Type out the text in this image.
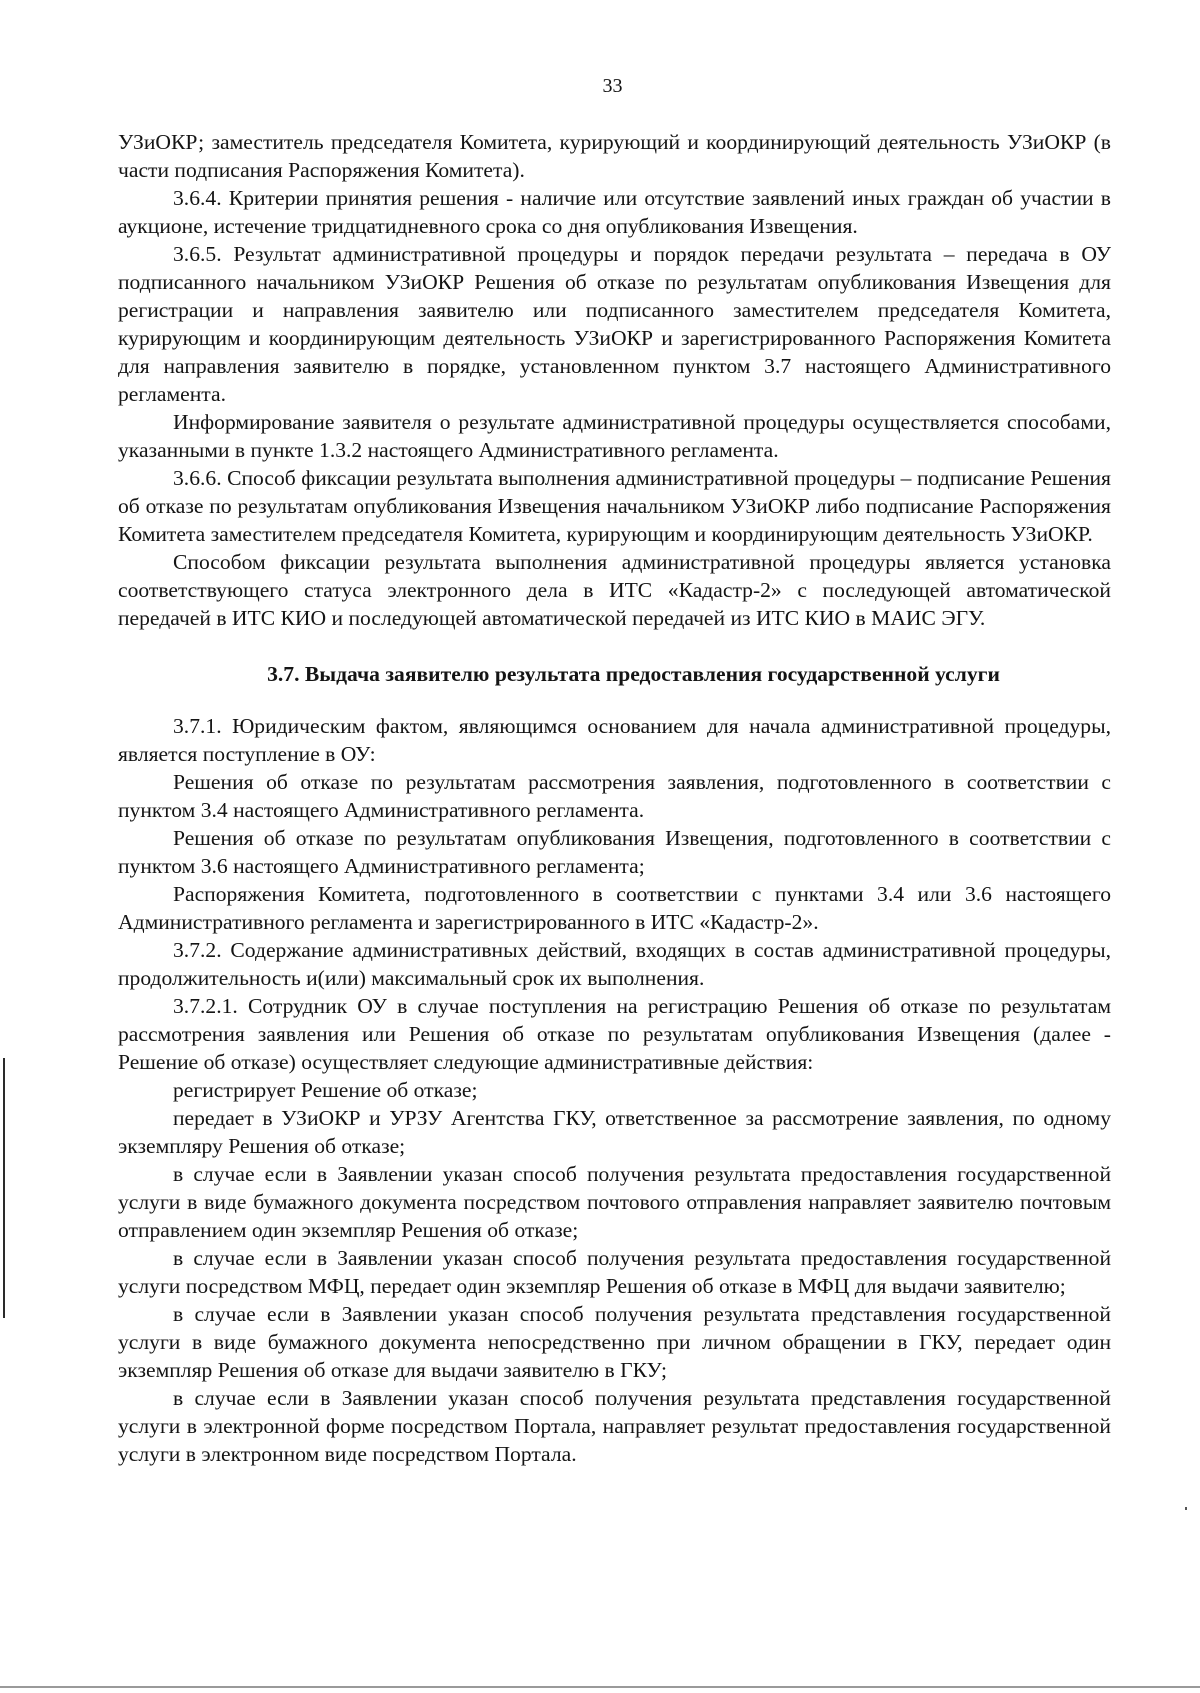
33

УЗиОКР; заместитель председателя Комитета, курирующий и координирующий деятельность УЗиОКР (в части подписания Распоряжения Комитета).

3.6.4. Критерии принятия решения - наличие или отсутствие заявлений иных граждан об участии в аукционе, истечение тридцатидневного срока со дня опубликования Извещения.

3.6.5. Результат административной процедуры и порядок передачи результата – передача в ОУ подписанного начальником УЗиОКР Решения об отказе по результатам опубликования Извещения для регистрации и направления заявителю или подписанного заместителем председателя Комитета, курирующим и координирующим деятельность УЗиОКР и зарегистрированного Распоряжения Комитета для направления заявителю в порядке, установленном пунктом 3.7 настоящего Административного регламента.

Информирование заявителя о результате административной процедуры осуществляется способами, указанными в пункте 1.3.2 настоящего Административного регламента.

3.6.6. Способ фиксации результата выполнения административной процедуры – подписание Решения об отказе по результатам опубликования Извещения начальником УЗиОКР либо подписание Распоряжения Комитета заместителем председателя Комитета, курирующим и координирующим деятельность УЗиОКР.

Способом фиксации результата выполнения административной процедуры является установка соответствующего статуса электронного дела в ИТС «Кадастр-2» с последующей автоматической передачей в ИТС КИО и последующей автоматической передачей из ИТС КИО в МАИС ЭГУ.

3.7. Выдача заявителю результата предоставления государственной услуги

3.7.1. Юридическим фактом, являющимся основанием для начала административной процедуры, является поступление в ОУ:

Решения об отказе по результатам рассмотрения заявления, подготовленного в соответствии с пунктом 3.4 настоящего Административного регламента.

Решения об отказе по результатам опубликования Извещения, подготовленного в соответствии с пунктом 3.6 настоящего Административного регламента;

Распоряжения Комитета, подготовленного в соответствии с пунктами 3.4 или 3.6 настоящего Административного регламента и зарегистрированного в ИТС «Кадастр-2».

3.7.2. Содержание административных действий, входящих в состав административной процедуры, продолжительность и(или) максимальный срок их выполнения.

3.7.2.1. Сотрудник ОУ в случае поступления на регистрацию Решения об отказе по результатам рассмотрения заявления или Решения об отказе по результатам опубликования Извещения (далее - Решение об отказе) осуществляет следующие административные действия:

регистрирует Решение об отказе;

передает в УЗиОКР и УРЗУ Агентства ГКУ, ответственное за рассмотрение заявления, по одному экземпляру Решения об отказе;

в случае если в Заявлении указан способ получения результата предоставления государственной услуги в виде бумажного документа посредством почтового отправления направляет заявителю почтовым отправлением один экземпляр Решения об отказе;

в случае если в Заявлении указан способ получения результата предоставления государственной услуги посредством МФЦ, передает один экземпляр Решения об отказе в МФЦ для выдачи заявителю;

в случае если в Заявлении указан способ получения результата представления государственной услуги в виде бумажного документа непосредственно при личном обращении в ГКУ, передает один экземпляр Решения об отказе для выдачи заявителю в ГКУ;

в случае если в Заявлении указан способ получения результата представления государственной услуги в электронной форме посредством Портала, направляет результат предоставления государственной услуги в электронном виде посредством Портала.
